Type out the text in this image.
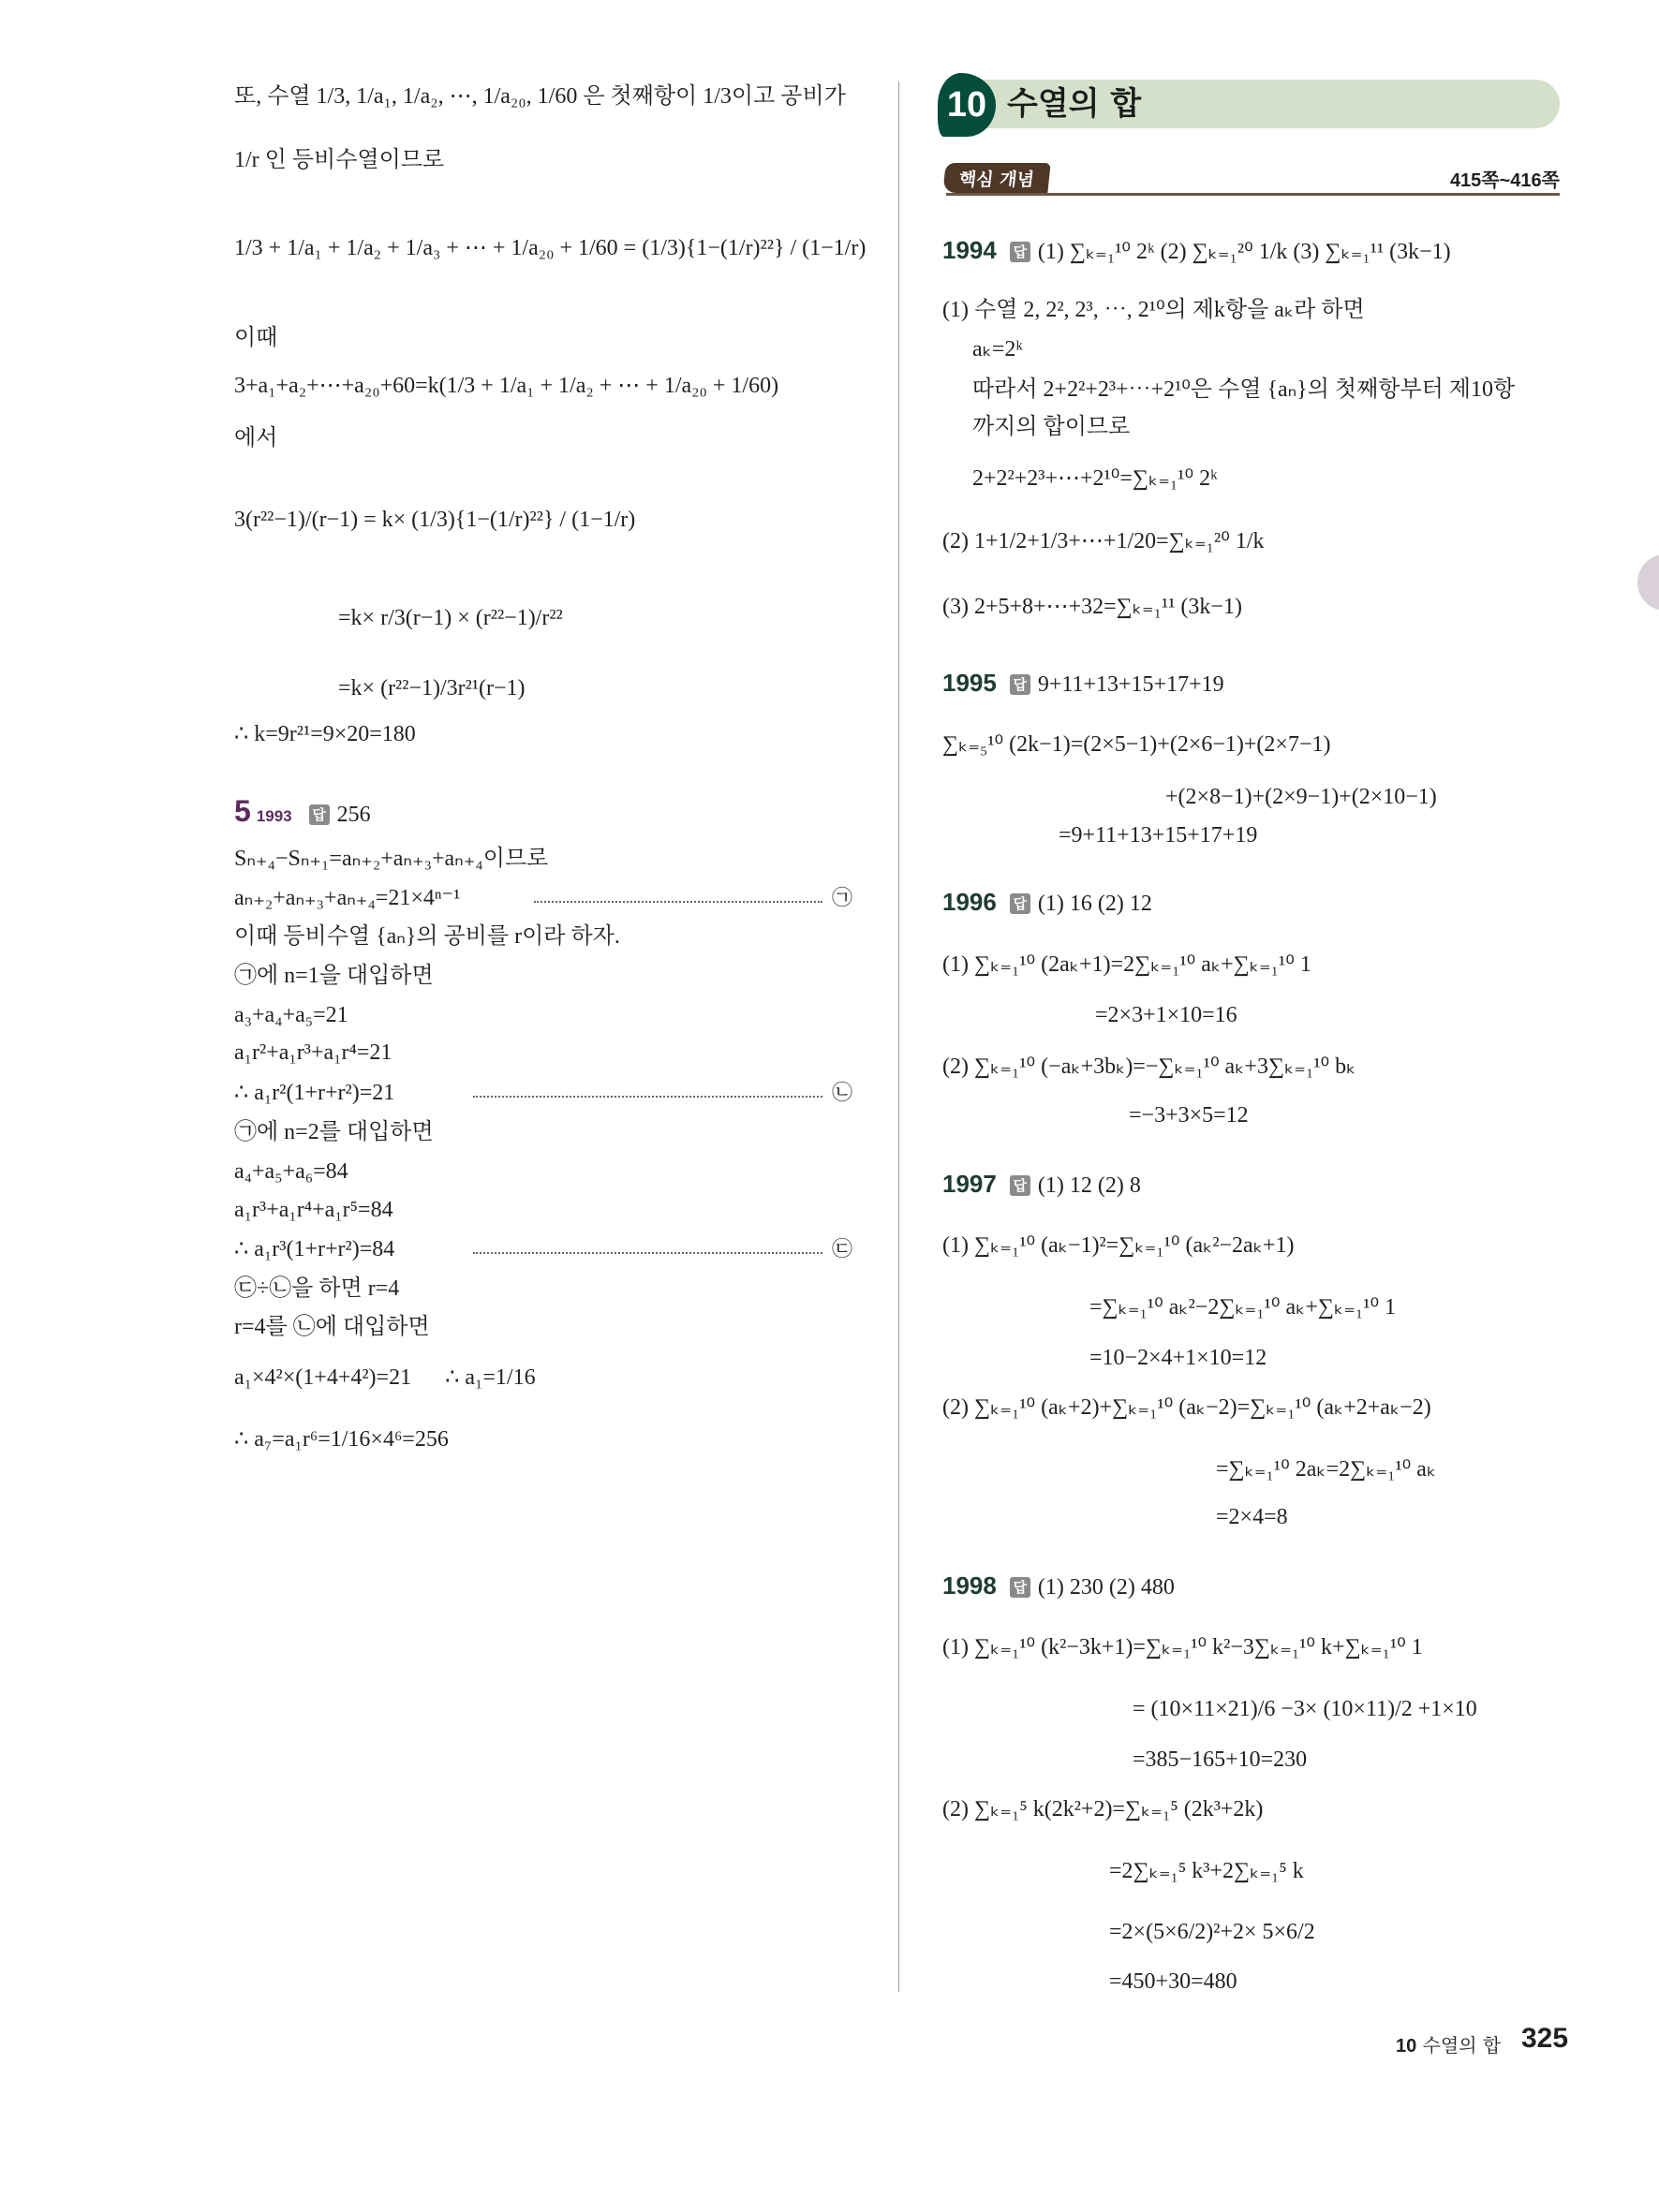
10 수열의 합
핵심 개념	415쪽~416쪽
또, 수열 1/3, 1/a₁, 1/a₂, ⋯, 1/a₂₀, 1/60 은 첫째항이 1/3이고 공비가
1/r 인 등비수열이므로
1/3 + 1/a₁ + 1/a₂ + 1/a₃ + ⋯ + 1/a₂₀ + 1/60 = (1/3){1−(1/r)²²} / (1−1/r)
이때
3+a₁+a₂+⋯+a₂₀+60=k(1/3 + 1/a₁ + 1/a₂ + ⋯ + 1/a₂₀ + 1/60)
에서
3(r²²−1)/(r−1) = k× (1/3){1−(1/r)²²} / (1−1/r)
=k× r/3(r−1) × (r²²−1)/r²²
=k× (r²²−1)/3r²¹(r−1)
∴ k=9r²¹=9×20=180
5 1993 답 256
Sₙ₊₄−Sₙ₊₁=aₙ₊₂+aₙ₊₃+aₙ₊₄이므로
aₙ₊₂+aₙ₊₃+aₙ₊₄=21×4ⁿ⁻¹	㉠
이때 등비수열 {aₙ}의 공비를 r이라 하자.
㉠에 n=1을 대입하면
a₃+a₄+a₅=21
a₁r²+a₁r³+a₁r⁴=21
∴ a₁r²(1+r+r²)=21	㉡
㉠에 n=2를 대입하면
a₄+a₅+a₆=84
a₁r³+a₁r⁴+a₁r⁵=84
∴ a₁r³(1+r+r²)=84	㉢
㉢÷㉡을 하면 r=4
r=4를 ㉡에 대입하면
a₁×4²×(1+4+4²)=21      ∴ a₁=1/16
∴ a₇=a₁r⁶=1/16×4⁶=256
1994 답 (1) ∑ₖ₌₁¹⁰ 2ᵏ (2) ∑ₖ₌₁²⁰ 1/k (3) ∑ₖ₌₁¹¹ (3k−1)
(1) 수열 2, 2², 2³, ⋯, 2¹⁰의 제k항을 aₖ라 하면
aₖ=2ᵏ
따라서 2+2²+2³+⋯+2¹⁰은 수열 {aₙ}의 첫째항부터 제10항
까지의 합이므로
2+2²+2³+⋯+2¹⁰=∑ₖ₌₁¹⁰ 2ᵏ
(2) 1+1/2+1/3+⋯+1/20=∑ₖ₌₁²⁰ 1/k
(3) 2+5+8+⋯+32=∑ₖ₌₁¹¹ (3k−1)
1995 답 9+11+13+15+17+19
∑ₖ₌₅¹⁰ (2k−1)=(2×5−1)+(2×6−1)+(2×7−1)
+(2×8−1)+(2×9−1)+(2×10−1)
=9+11+13+15+17+19
1996 답 (1) 16 (2) 12
(1) ∑ₖ₌₁¹⁰ (2aₖ+1)=2∑ₖ₌₁¹⁰ aₖ+∑ₖ₌₁¹⁰ 1
=2×3+1×10=16
(2) ∑ₖ₌₁¹⁰ (−aₖ+3bₖ)=−∑ₖ₌₁¹⁰ aₖ+3∑ₖ₌₁¹⁰ bₖ
=−3+3×5=12
1997 답 (1) 12 (2) 8
(1) ∑ₖ₌₁¹⁰ (aₖ−1)²=∑ₖ₌₁¹⁰ (aₖ²−2aₖ+1)
=∑ₖ₌₁¹⁰ aₖ²−2∑ₖ₌₁¹⁰ aₖ+∑ₖ₌₁¹⁰ 1
=10−2×4+1×10=12
(2) ∑ₖ₌₁¹⁰ (aₖ+2)+∑ₖ₌₁¹⁰ (aₖ−2)=∑ₖ₌₁¹⁰ (aₖ+2+aₖ−2)
=∑ₖ₌₁¹⁰ 2aₖ=2∑ₖ₌₁¹⁰ aₖ
=2×4=8
1998 답 (1) 230 (2) 480
(1) ∑ₖ₌₁¹⁰ (k²−3k+1)=∑ₖ₌₁¹⁰ k²−3∑ₖ₌₁¹⁰ k+∑ₖ₌₁¹⁰ 1
= (10×11×21)/6 −3× (10×11)/2 +1×10
=385−165+10=230
(2) ∑ₖ₌₁⁵ k(2k²+2)=∑ₖ₌₁⁵ (2k³+2k)
=2∑ₖ₌₁⁵ k³+2∑ₖ₌₁⁵ k
=2×(5×6/2)²+2× 5×6/2
=450+30=480
10 수열의 합 325
